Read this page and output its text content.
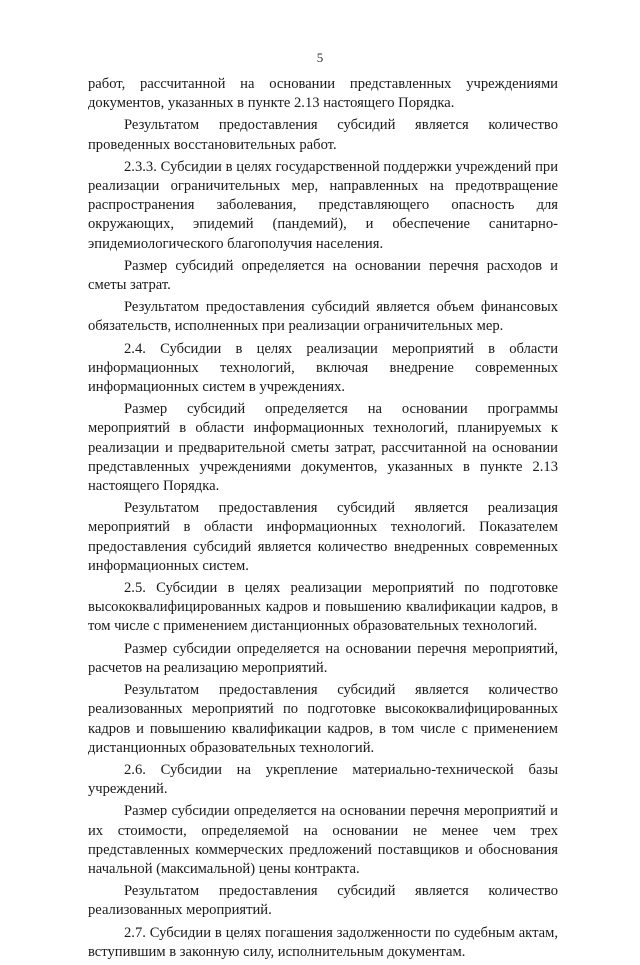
5

работ, рассчитанной на основании представленных учреждениями документов, указанных в пункте 2.13 настоящего Порядка.

Результатом предоставления субсидий является количество проведенных восстановительных работ.

2.3.3. Субсидии в целях государственной поддержки учреждений при реализации ограничительных мер, направленных на предотвращение распространения заболевания, представляющего опасность для окружающих, эпидемий (пандемий), и обеспечение санитарно-эпидемиологического благополучия населения.

Размер субсидий определяется на основании перечня расходов и сметы затрат.

Результатом предоставления субсидий является объем финансовых обязательств, исполненных при реализации ограничительных мер.

2.4. Субсидии в целях реализации мероприятий в области информационных технологий, включая внедрение современных информационных систем в учреждениях.

Размер субсидий определяется на основании программы мероприятий в области информационных технологий, планируемых к реализации и предварительной сметы затрат, рассчитанной на основании представленных учреждениями документов, указанных в пункте 2.13 настоящего Порядка.

Результатом предоставления субсидий является реализация мероприятий в области информационных технологий. Показателем предоставления субсидий является количество внедренных современных информационных систем.

2.5. Субсидии в целях реализации мероприятий по подготовке высококвалифицированных кадров и повышению квалификации кадров, в том числе с применением дистанционных образовательных технологий.

Размер субсидии определяется на основании перечня мероприятий, расчетов на реализацию мероприятий.

Результатом предоставления субсидий является количество реализованных мероприятий по подготовке высококвалифицированных кадров и повышению квалификации кадров, в том числе с применением дистанционных образовательных технологий.

2.6. Субсидии на укрепление материально-технической базы учреждений.

Размер субсидии определяется на основании перечня мероприятий и их стоимости, определяемой на основании не менее чем трех представленных коммерческих предложений поставщиков и обоснования начальной (максимальной) цены контракта.

Результатом предоставления субсидий является количество реализованных мероприятий.

2.7. Субсидии в целях погашения задолженности по судебным актам, вступившим в законную силу, исполнительным документам.
